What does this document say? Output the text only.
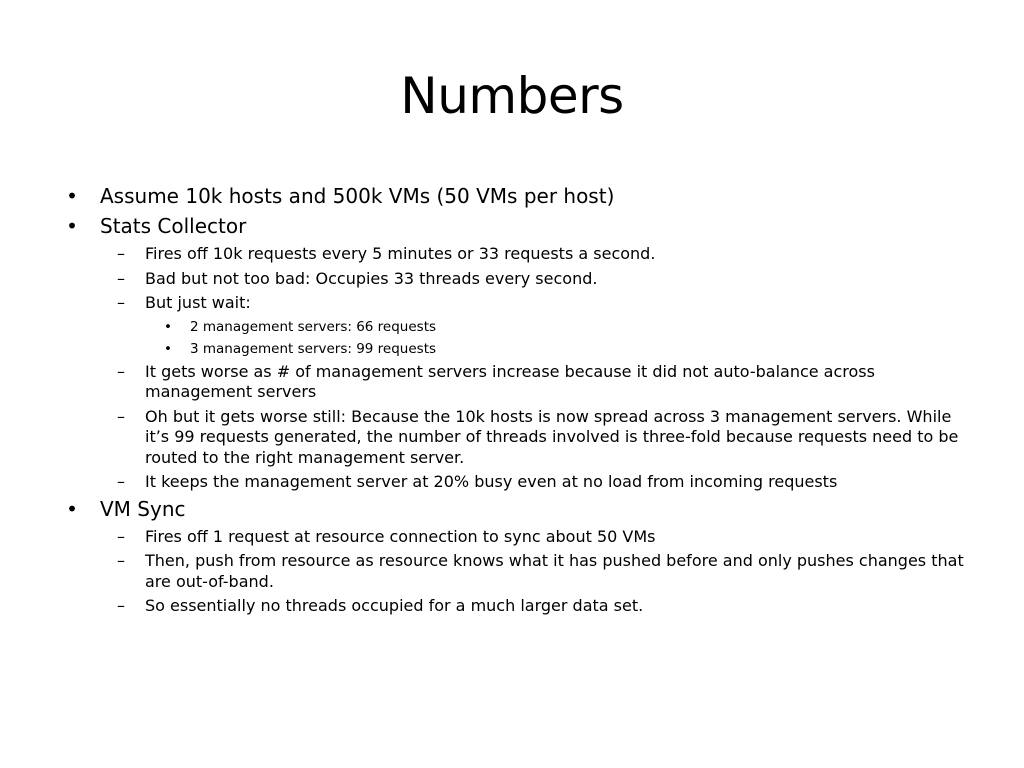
Numbers
• Assume 10k hosts and 500k VMs (50 VMs per host)
• Stats Collector
–	Fires off 10k requests every 5 minutes or 33 requests a second.
–	Bad but not too bad: Occupies 33 threads every second.
–	But just wait:
• 2 management servers: 66 requests
• 3 management servers: 99 requests
–	It gets worse as # of management servers increase because it did not auto-balance across management servers
–	Oh but it gets worse still: Because the 10k hosts is now spread across 3 management servers. While it’s 99 requests generated, the number of threads involved is three-fold because requests need to be routed to the right management server.
–	It keeps the management server at 20% busy even at no load from incoming requests
• VM Sync
–	Fires off 1 request at resource connection to sync about 50 VMs
–	Then, push from resource as resource knows what it has pushed before and only pushes changes that are out-of-band.
–	So essentially no threads occupied for a much larger data set.
